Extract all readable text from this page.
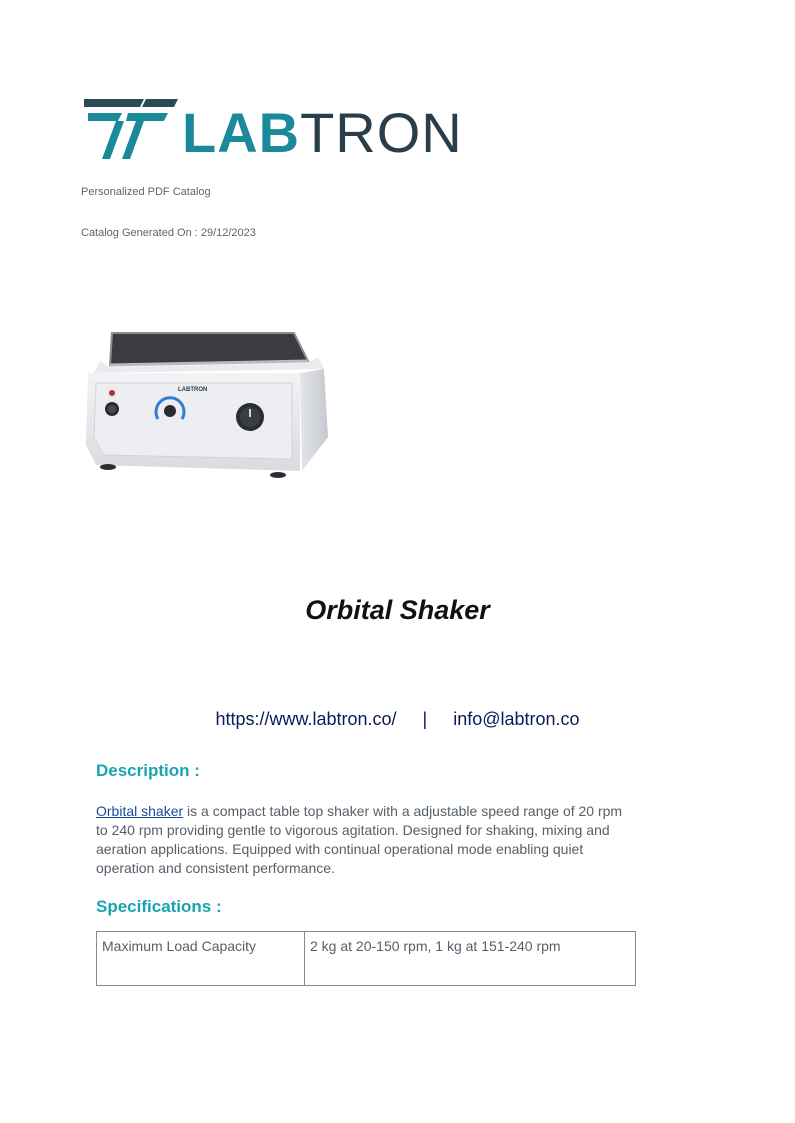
LABTRON
Personalized PDF Catalog
Catalog Generated On : 29/12/2023
LABTRON
Orbital Shaker
https://www.labtron.co/ | info@labtron.co
Description :
Orbital shaker is a compact table top shaker with a adjustable speed range of 20 rpm to 240 rpm providing gentle to vigorous agitation. Designed for shaking, mixing and aeration applications. Equipped with continual operational mode enabling quiet operation and consistent performance.
Specifications :
Maximum Load Capacity	2 kg at 20-150 rpm, 1 kg at 151-240 rpm
